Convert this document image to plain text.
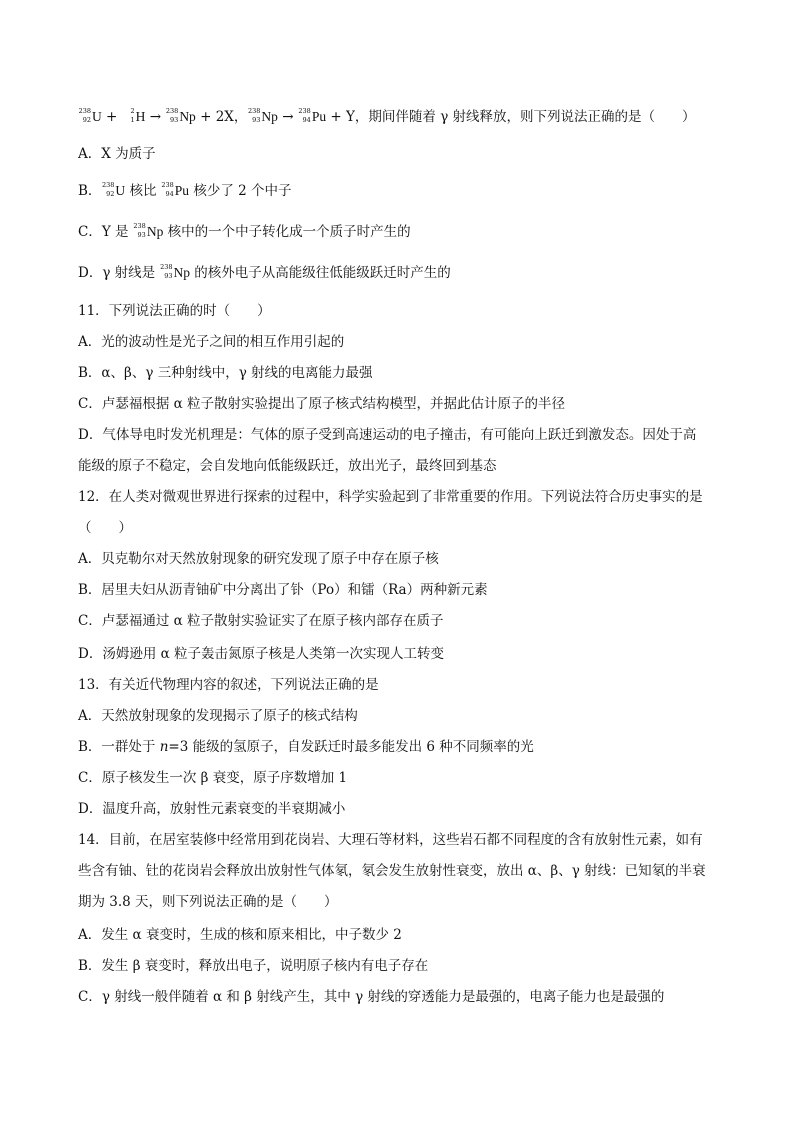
238
92 U + 2
1 H → 238
93 Np + 2X， 238
93 Np → 238
94 Pu + Y，期间伴随着 γ 射线释放，则下列说法正确的是（　　）
A．X 为质子
B． 238
92 U 核比 238
94 Pu 核少了 2 个中子
C．Y 是 238
93 Np 核中的一个中子转化成一个质子时产生的
D．γ 射线是 238
93 Np 的核外电子从高能级往低能级跃迁时产生的
11．下列说法正确的时（　　）
A．光的波动性是光子之间的相互作用引起的
B．α、β、γ 三种射线中，γ 射线的电离能力最强
C．卢瑟福根据 α 粒子散射实验提出了原子核式结构模型，并据此估计原子的半径
D．气体导电时发光机理是：气体的原子受到高速运动的电子撞击，有可能向上跃迁到激发态。因处于高
能级的原子不稳定，会自发地向低能级跃迁，放出光子，最终回到基态
12．在人类对微观世界进行探索的过程中，科学实验起到了非常重要的作用。下列说法符合历史事实的是
（　　）
B．居里夫妇从沥青铀矿中分离出了钋（Po）和镭（Ra）两种新元素
A．贝克勒尔对天然放射现象的研究发现了原子中存在原子核
C．卢瑟福通过 α 粒子散射实验证实了在原子核内部存在质子
D．汤姆逊用 α 粒子轰击氮原子核是人类第一次实现人工转变
13．有关近代物理内容的叙述，下列说法正确的是
A．天然放射现象的发现揭示了原子的核式结构
B．一群处于 n=3 能级的氢原子，自发跃迁时最多能发出 6 种不同频率的光
C．原子核发生一次 β 衰变，原子序数增加 1
D．温度升高，放射性元素衰变的半衰期减小
14．目前，在居室装修中经常用到花岗岩、大理石等材料，这些岩石都不同程度的含有放射性元素，如有
些含有铀、钍的花岗岩会释放出放射性气体氡，氡会发生放射性衰变，放出 α、β、γ 射线：已知氡的半衰
期为 3.8 天，则下列说法正确的是（　　）
A．发生 α 衰变时，生成的核和原来相比，中子数少 2
B．发生 β 衰变时，释放出电子，说明原子核内有电子存在
C．γ 射线一般伴随着 α 和 β 射线产生，其中 γ 射线的穿透能力是最强的，电离子能力也是最强的
